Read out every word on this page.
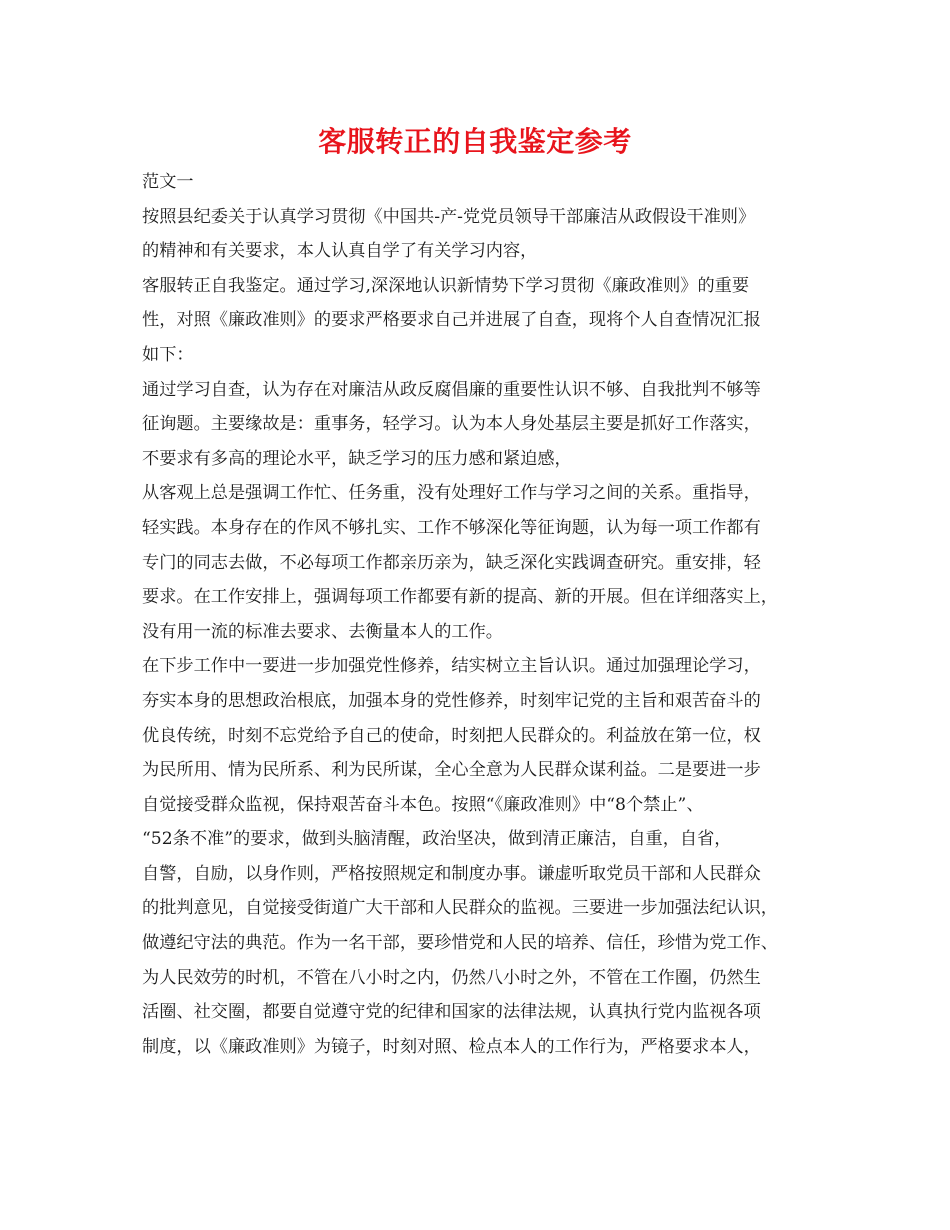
客服转正的自我鉴定参考
范文一
按照县纪委关于认真学习贯彻《中国共-产-党党员领导干部廉洁从政假设干准则》
的精神和有关要求，本人认真自学了有关学习内容，
客服转正自我鉴定。通过学习,深深地认识新情势下学习贯彻《廉政准则》的重要
性，对照《廉政准则》的要求严格要求自己并进展了自查，现将个人自查情况汇报
如下：
通过学习自查，认为存在对廉洁从政反腐倡廉的重要性认识不够、自我批判不够等
征询题。主要缘故是：重事务，轻学习。认为本人身处基层主要是抓好工作落实，
不要求有多高的理论水平，缺乏学习的压力感和紧迫感，
从客观上总是强调工作忙、任务重，没有处理好工作与学习之间的关系。重指导，
轻实践。本身存在的作风不够扎实、工作不够深化等征询题，认为每一项工作都有
专门的同志去做，不必每项工作都亲历亲为，缺乏深化实践调查研究。重安排，轻
要求。在工作安排上，强调每项工作都要有新的提高、新的开展。但在详细落实上，
没有用一流的标准去要求、去衡量本人的工作。
在下步工作中一要进一步加强党性修养，结实树立主旨认识。通过加强理论学习，
夯实本身的思想政治根底，加强本身的党性修养，时刻牢记党的主旨和艰苦奋斗的
优良传统，时刻不忘党给予自己的使命，时刻把人民群众的。利益放在第一位，权
为民所用、情为民所系、利为民所谋，全心全意为人民群众谋利益。二是要进一步
自觉接受群众监视，保持艰苦奋斗本色。按照“《廉政准则》中“8个禁止”、
“52条不准”的要求，做到头脑清醒，政治坚决，做到清正廉洁，自重，自省，
自警，自励，以身作则，严格按照规定和制度办事。谦虚听取党员干部和人民群众
的批判意见，自觉接受街道广大干部和人民群众的监视。三要进一步加强法纪认识，
做遵纪守法的典范。作为一名干部，要珍惜党和人民的培养、信任，珍惜为党工作、
为人民效劳的时机，不管在八小时之内，仍然八小时之外，不管在工作圈，仍然生
活圈、社交圈，都要自觉遵守党的纪律和国家的法律法规，认真执行党内监视各项
制度，以《廉政准则》为镜子，时刻对照、检点本人的工作行为，严格要求本人，
